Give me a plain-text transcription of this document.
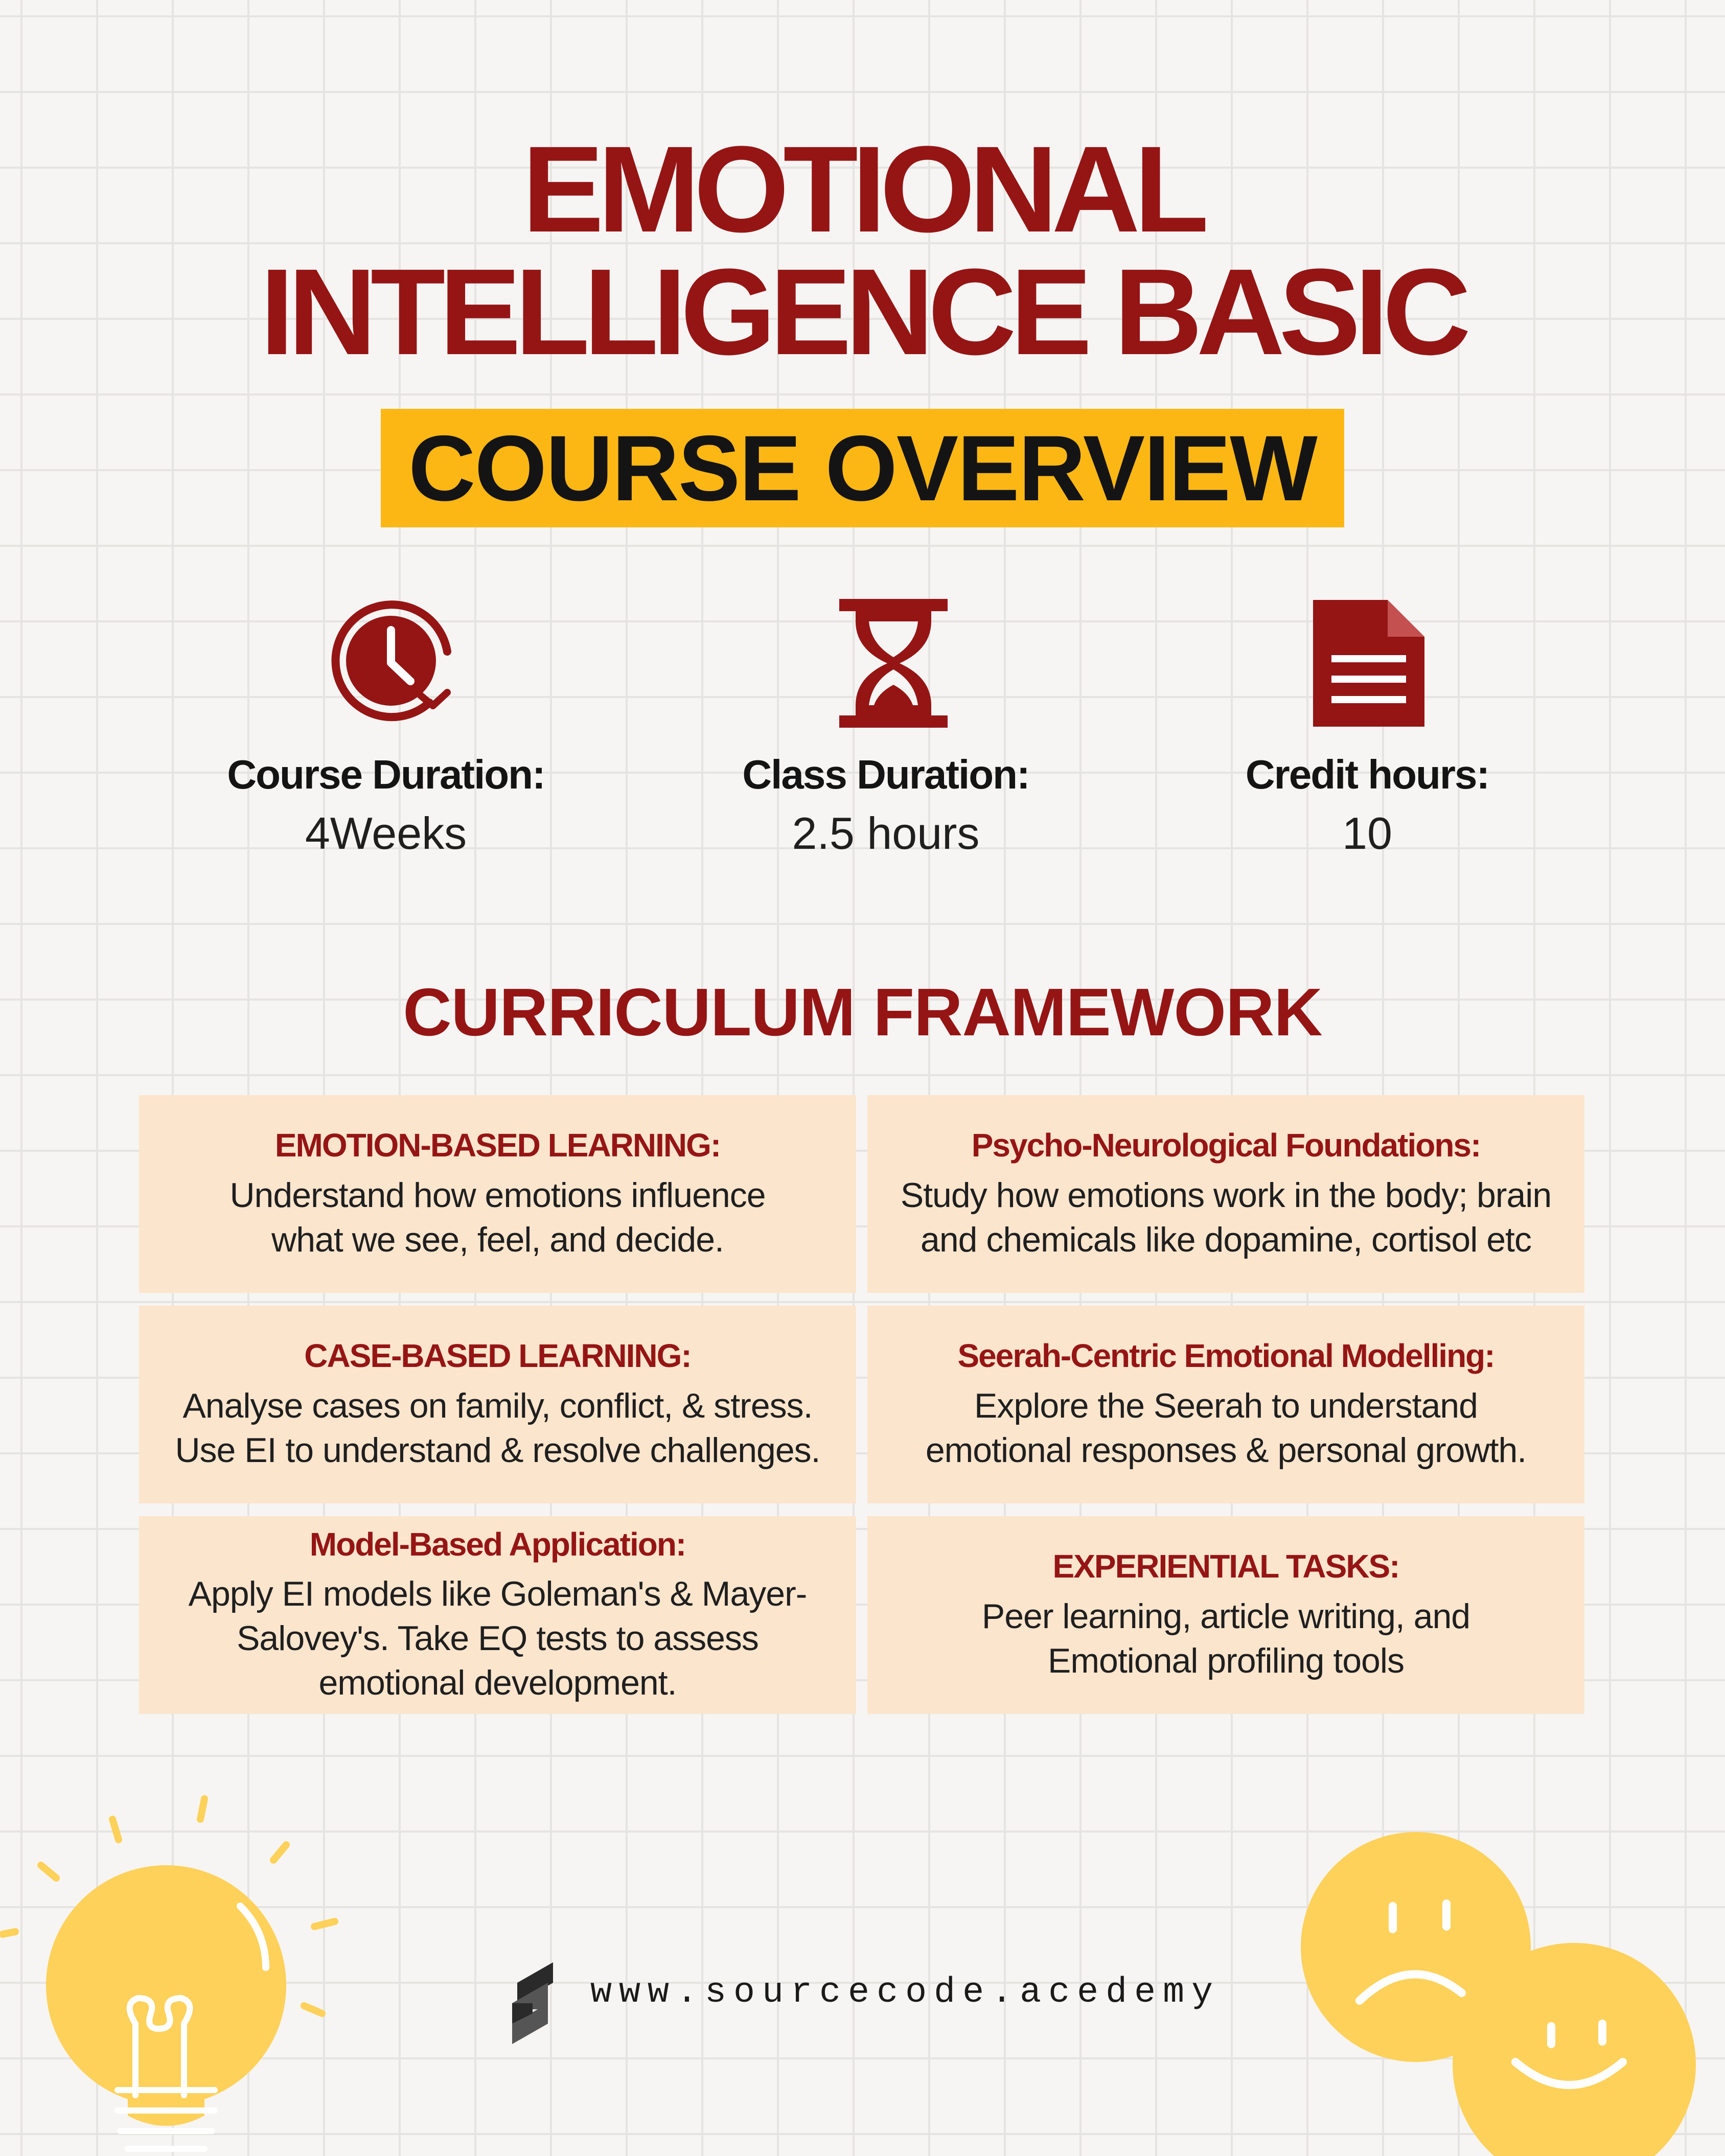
EMOTIONAL
INTELLIGENCE BASIC
COURSE OVERVIEW
Course Duration:
4Weeks
Class Duration:
2.5 hours
Credit hours:
10
CURRICULUM FRAMEWORK
EMOTION-BASED LEARNING:
Understand how emotions influence what we see, feel, and decide.
Psycho-Neurological Foundations:
Study how emotions work in the body; brain and chemicals like dopamine, cortisol etc
CASE-BASED LEARNING:
Analyse cases on family, conflict, & stress. Use EI to understand & resolve challenges.
Seerah-Centric Emotional Modelling:
Explore the Seerah to understand emotional responses & personal growth.
Model-Based Application:
Apply EI models like Goleman's & Mayer-Salovey's. Take EQ tests to assess emotional development.
EXPERIENTIAL TASKS:
Peer learning, article writing, and Emotional profiling tools
www.sourcecode.acedemy
